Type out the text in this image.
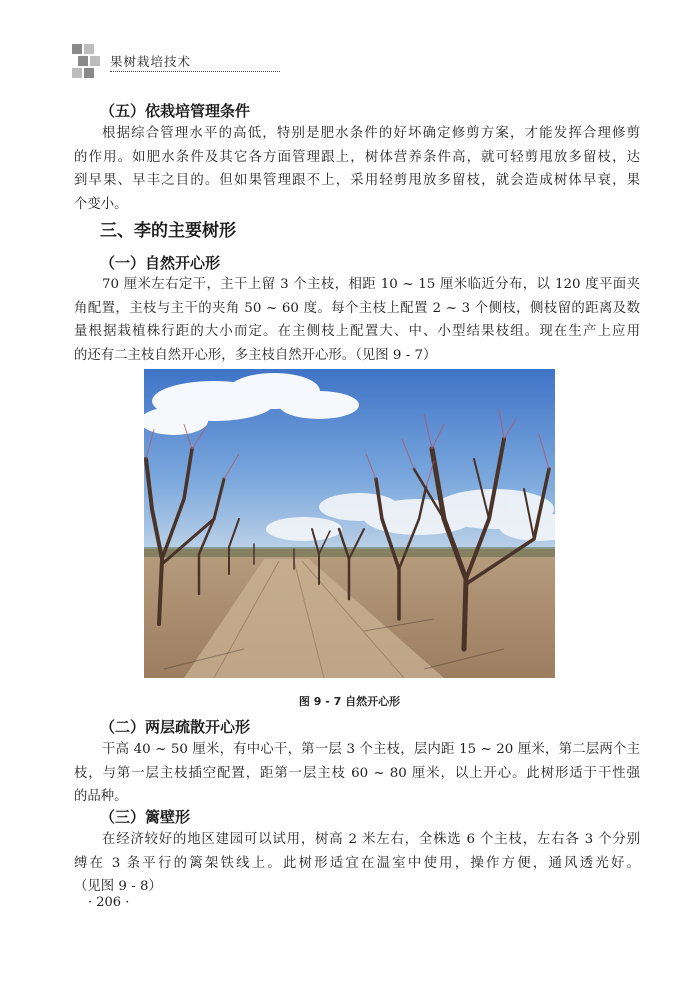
果树栽培技术
（五）依栽培管理条件
根据综合管理水平的高低，特别是肥水条件的好坏确定修剪方案，才能发挥合理修剪
的作用。如肥水条件及其它各方面管理跟上，树体营养条件高，就可轻剪甩放多留枝，达
到早果、早丰之目的。但如果管理跟不上，采用轻剪甩放多留枝，就会造成树体早衰，果
个变小。
三、李的主要树形
（一）自然开心形
70 厘米左右定干，主干上留 3 个主枝，相距 10 ~ 15 厘米临近分布，以 120 度平面夹
角配置，主枝与主干的夹角 50 ~ 60 度。每个主枝上配置 2 ~ 3 个侧枝，侧枝留的距离及数
量根据栽植株行距的大小而定。在主侧枝上配置大、中、小型结果枝组。现在生产上应用
的还有二主枝自然开心形，多主枝自然开心形。（见图 9 - 7）
图 9 - 7 自然开心形
（二）两层疏散开心形
干高 40 ~ 50 厘米，有中心干，第一层 3 个主枝，层内距 15 ~ 20 厘米，第二层两个主
枝，与第一层主枝插空配置，距第一层主枝 60 ~ 80 厘米，以上开心。此树形适于干性强
的品种。
（三）篱壁形
在经济较好的地区建园可以试用，树高 2 米左右，全株选 6 个主枝，左右各 3 个分别
缚在 3 条平行的篱架铁线上。此树形适宜在温室中使用，操作方便，通风透光好。
（见图 9 - 8）
· 206 ·
